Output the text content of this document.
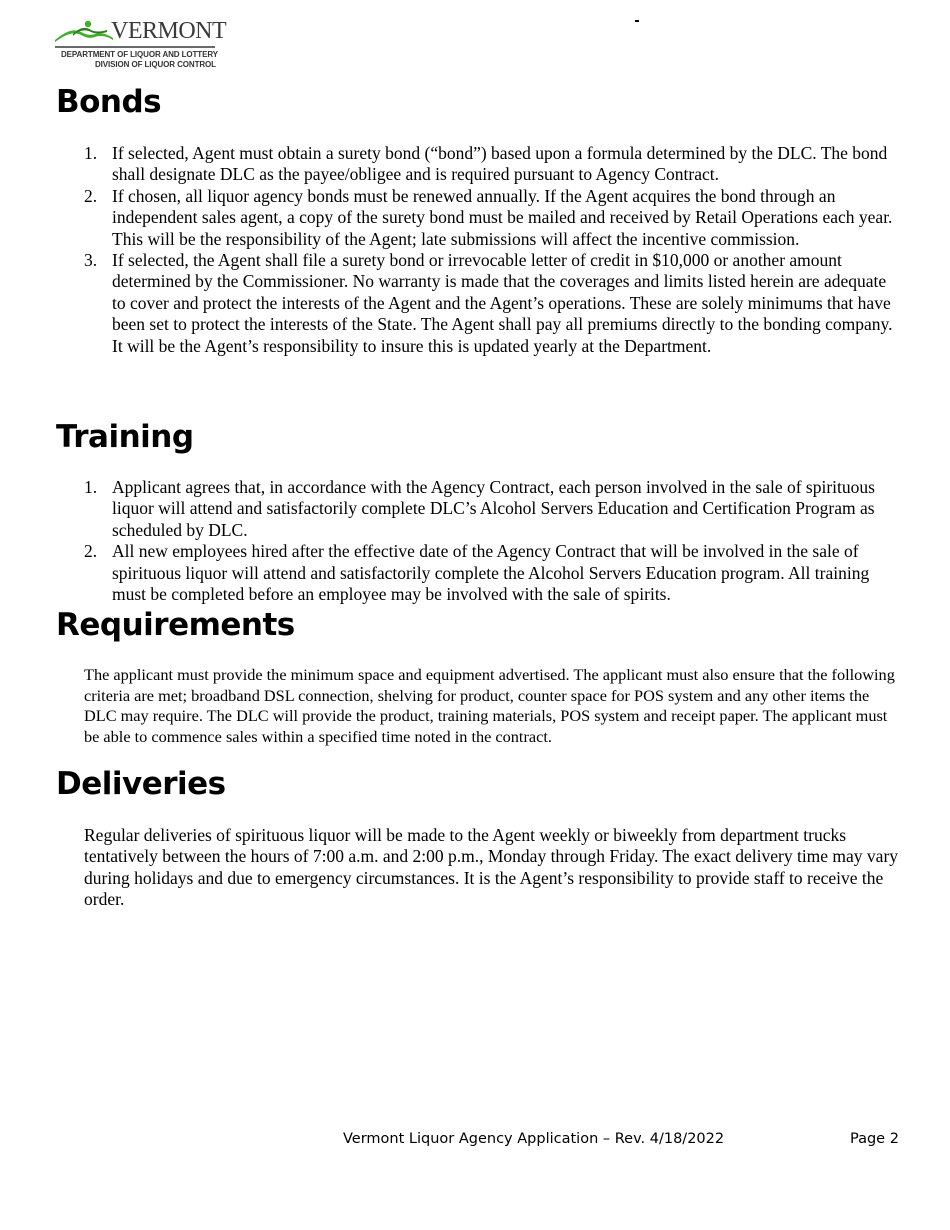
VERMONT
DEPARTMENT OF LIQUOR AND LOTTERY
DIVISION OF LIQUOR CONTROL
Bonds
1. If selected, Agent must obtain a surety bond (“bond”) based upon a formula determined by the DLC. The bond shall designate DLC as the payee/obligee and is required pursuant to Agency Contract.
2. If chosen, all liquor agency bonds must be renewed annually. If the Agent acquires the bond through an independent sales agent, a copy of the surety bond must be mailed and received by Retail Operations each year. This will be the responsibility of the Agent; late submissions will affect the incentive commission.
3. If selected, the Agent shall file a surety bond or irrevocable letter of credit in $10,000 or another amount determined by the Commissioner. No warranty is made that the coverages and limits listed herein are adequate to cover and protect the interests of the Agent and the Agent’s operations. These are solely minimums that have been set to protect the interests of the State. The Agent shall pay all premiums directly to the bonding company. It will be the Agent’s responsibility to insure this is updated yearly at the Department.
Training
1. Applicant agrees that, in accordance with the Agency Contract, each person involved in the sale of spirituous liquor will attend and satisfactorily complete DLC’s Alcohol Servers Education and Certification Program as scheduled by DLC.
2. All new employees hired after the effective date of the Agency Contract that will be involved in the sale of spirituous liquor will attend and satisfactorily complete the Alcohol Servers Education program. All training must be completed before an employee may be involved with the sale of spirits.
Requirements

The applicant must provide the minimum space and equipment advertised. The applicant must also ensure that the following criteria are met; broadband DSL connection, shelving for product, counter space for POS system and any other items the DLC may require. The DLC will provide the product, training materials, POS system and receipt paper. The applicant must be able to commence sales within a specified time noted in the contract.

Deliveries

Regular deliveries of spirituous liquor will be made to the Agent weekly or biweekly from department trucks tentatively between the hours of 7:00 a.m. and 2:00 p.m., Monday through Friday. The exact delivery time may vary during holidays and due to emergency circumstances. It is the Agent’s responsibility to provide staff to receive the order.

Vermont Liquor Agency Application – Rev. 4/18/2022	Page 2
